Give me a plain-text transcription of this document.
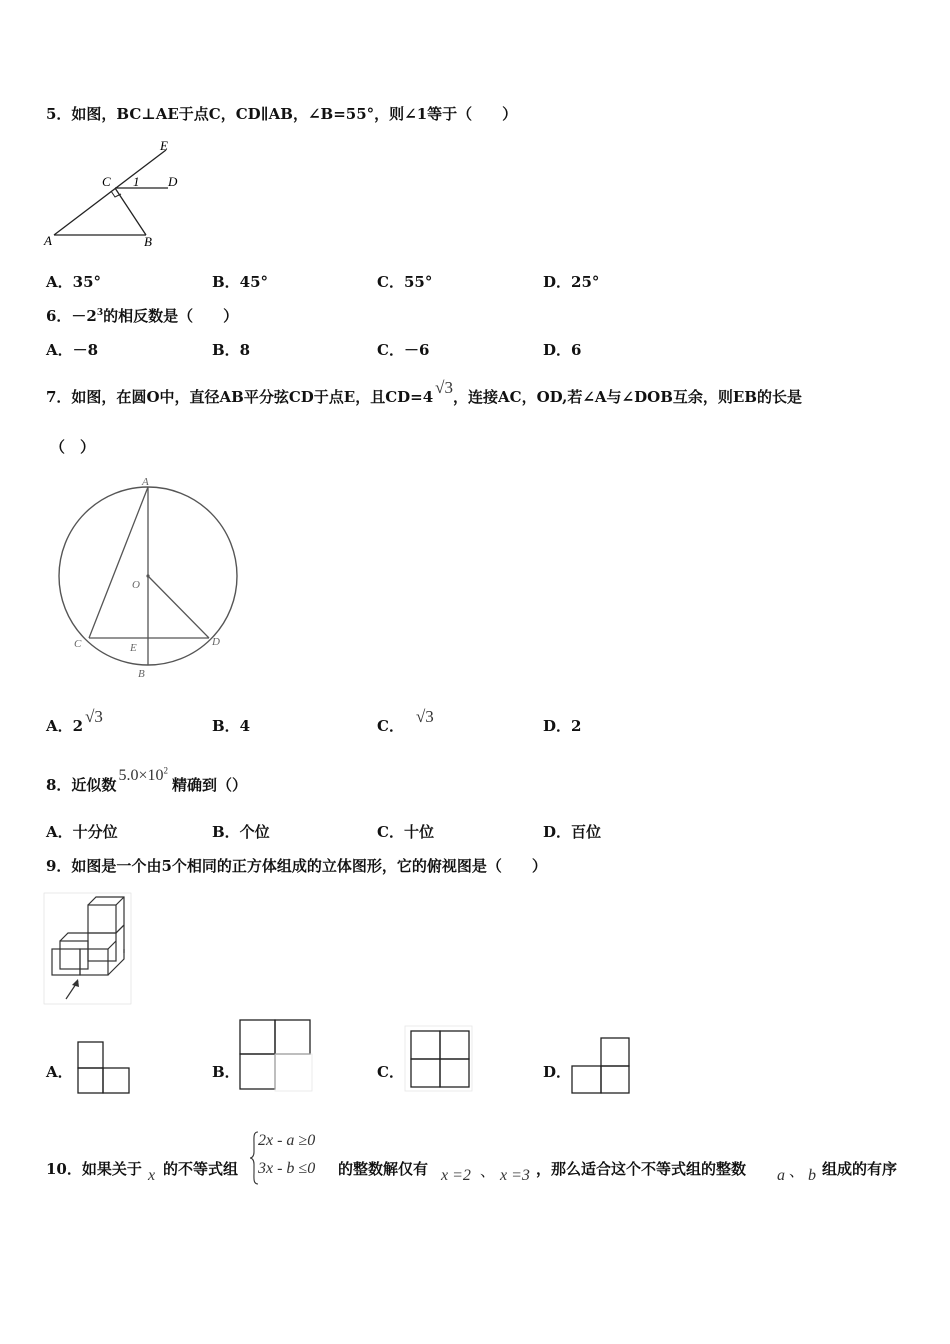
5．如图，BC⊥AE于点C，CD∥AB，∠B=55°，则∠1等于（　　）
E
C 1 D
A	B
A．35°	B．45°	C．55°	D．25°
6．$-2^3$的相反数是（　　）
A．－8	B．8	C．－6	D．6
7．如图，在圆O中，直径AB平分弦CD于点E，且CD=4 √3，连接AC，OD,若∠A与∠DOB互余，则EB的长是
（　）
A
O
C	E	D
B
A．2 √3	B．4	C． √3	D．2
8．近似数$5.0\times 10^2$精确到（）
A．十分位	B．个位	C．十位	D．百位
9．如图是一个由5个相同的正方体组成的立体图形，它的俯视图是（　　）
A．	B．	C．	D．
10．如果关于 x 的不等式组
2x - a ≥0
3x - b ≤0 的整数解仅有 x =2 、 x =3 ，那么适合这个不等式组的整数 a 、 b 组成的有序
